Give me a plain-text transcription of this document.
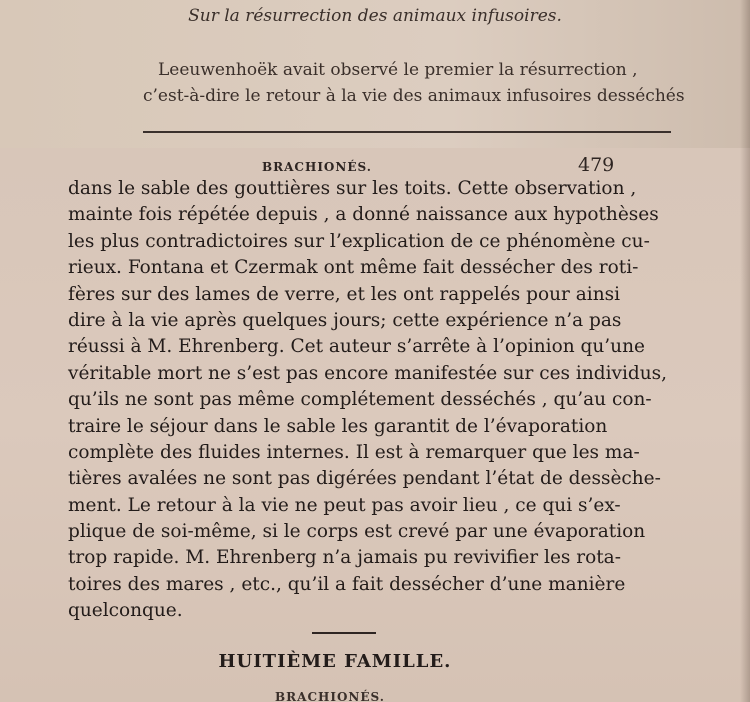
Sur la résurrection des animaux infusoires.
Leeuwenhoëk avait observé le premier la résurrection ,
c’est-à-dire le retour à la vie des animaux infusoires desséchés
BRACHIONÉS.	479
dans le sable des gouttières sur les toits. Cette observation ,
mainte fois répétée depuis , a donné naissance aux hypothèses
les plus contradictoires sur l’explication de ce phénomène cu-
rieux. Fontana et Czermak ont même fait dessécher des roti-
fères sur des lames de verre, et les ont rappelés pour ainsi
dire à la vie après quelques jours; cette expérience n’a pas
réussi à M. Ehrenberg. Cet auteur s’arrête à l’opinion qu’une
véritable mort ne s’est pas encore manifestée sur ces individus,
qu’ils ne sont pas même complétement desséchés , qu’au con-
traire le séjour dans le sable les garantit de l’évaporation
complète des fluides internes. Il est à remarquer que les ma-
tières avalées ne sont pas digérées pendant l’état de dessèche-
ment. Le retour à la vie ne peut pas avoir lieu , ce qui s’ex-
plique de soi-même, si le corps est crevé par une évaporation
trop rapide. M. Ehrenberg n’a jamais pu revivifier les rota-
toires des mares , etc., qu’il a fait dessécher d’une manière
quelconque.
HUITIÈME FAMILLE.
BRACHIONÉS.
